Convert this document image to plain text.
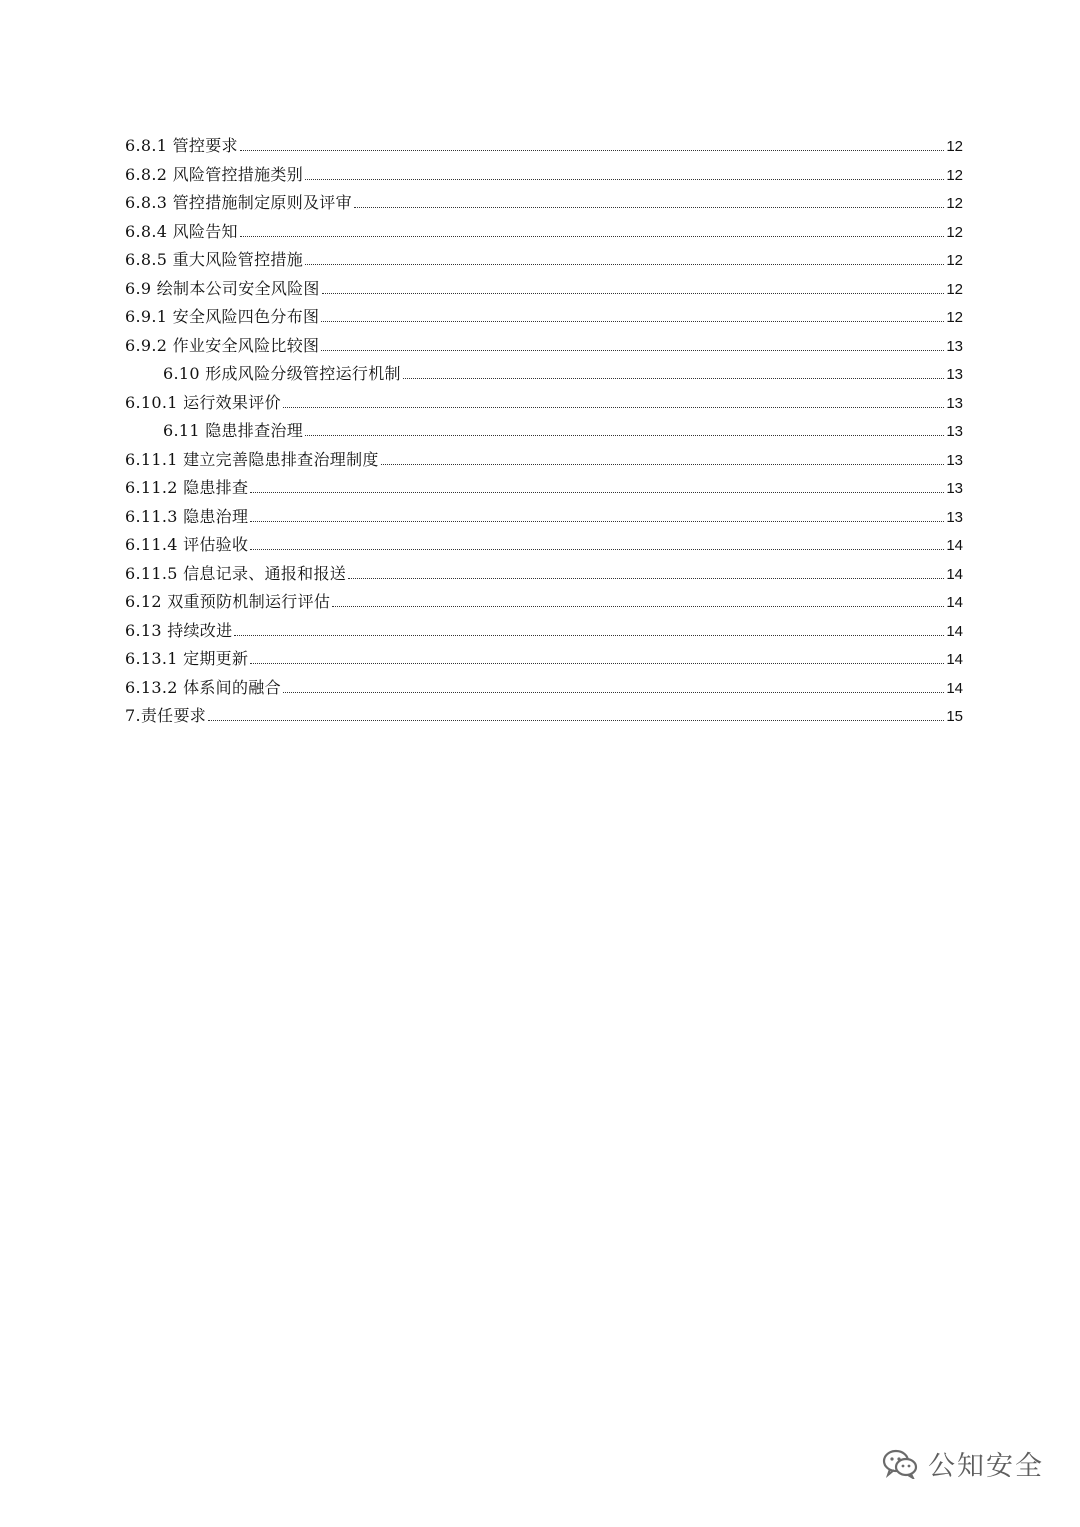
6.8.1 管控要求	12
6.8.2 风险管控措施类别	12
6.8.3 管控措施制定原则及评审	12
6.8.4 风险告知	12
6.8.5 重大风险管控措施	12
6.9 绘制本公司安全风险图	12
6.9.1 安全风险四色分布图	12
6.9.2 作业安全风险比较图	13
6.10 形成风险分级管控运行机制	13
6.10.1 运行效果评价	13
6.11 隐患排查治理	13
6.11.1 建立完善隐患排查治理制度	13
6.11.2 隐患排查	13
6.11.3 隐患治理	13
6.11.4 评估验收	14
6.11.5 信息记录、通报和报送	14
6.12 双重预防机制运行评估	14
6.13 持续改进	14
6.13.1 定期更新	14
6.13.2 体系间的融合	14
7.责任要求	15
公知安全
